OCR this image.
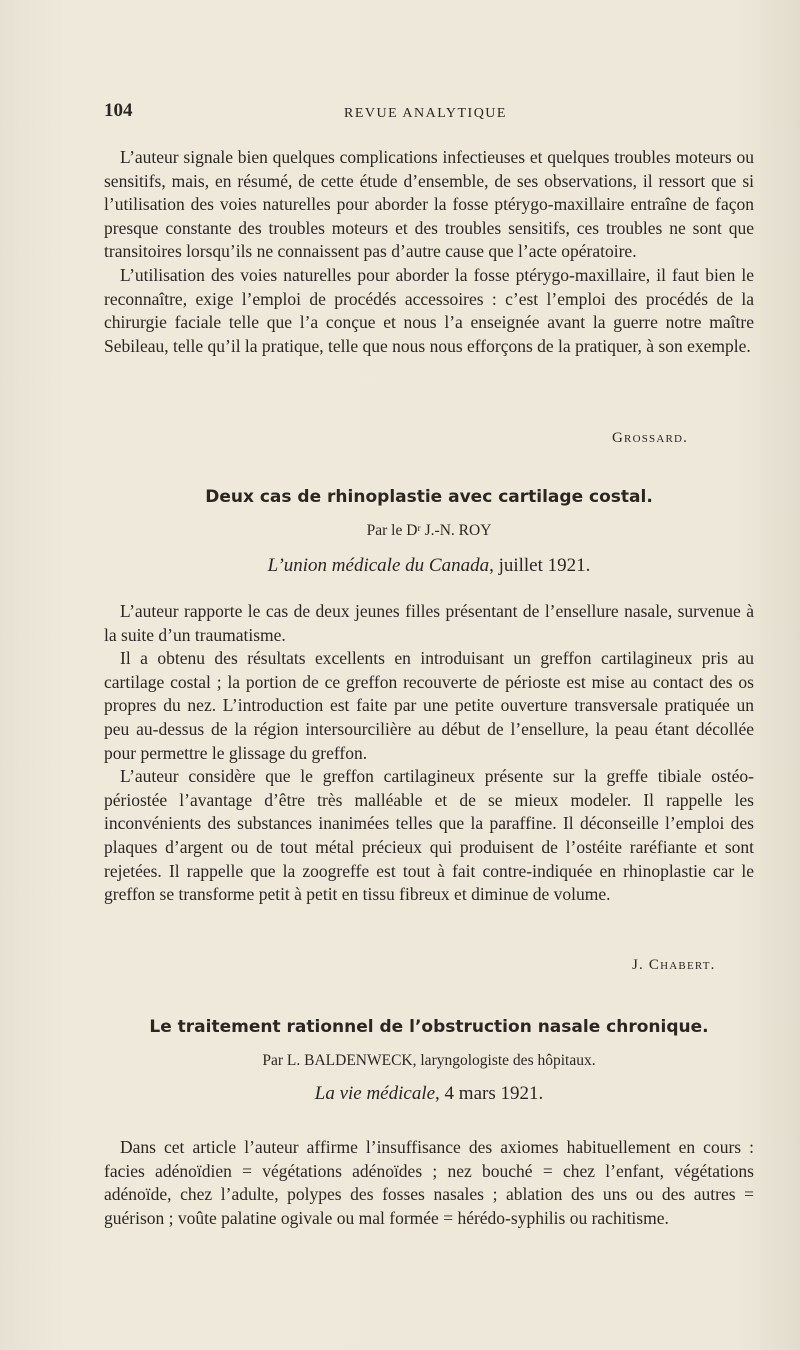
104	REVUE ANALYTIQUE

L’auteur signale bien quelques complications infectieuses et quelques troubles moteurs ou sensitifs, mais, en résumé, de cette étude d’ensemble, de ses observations, il ressort que si l’utilisation des voies naturelles pour aborder la fosse ptérygo-maxillaire entraîne de façon presque constante des troubles moteurs et des troubles sensitifs, ces troubles ne sont que transitoires lorsqu’ils ne connaissent pas d’autre cause que l’acte opératoire.

L’utilisation des voies naturelles pour aborder la fosse ptérygo-maxillaire, il faut bien le reconnaître, exige l’emploi de procédés accessoires : c’est l’emploi des procédés de la chirurgie faciale telle que l’a conçue et nous l’a enseignée avant la guerre notre maître Sebileau, telle qu’il la pratique, telle que nous nous efforçons de la pratiquer, à son exemple.

Grossard.
Deux cas de rhinoplastie avec cartilage costal.
Par le Dʳ J.-N. ROY
L’union médicale du Canada, juillet 1921.

L’auteur rapporte le cas de deux jeunes filles présentant de l’ensellure nasale, survenue à la suite d’un traumatisme.

Il a obtenu des résultats excellents en introduisant un greffon cartilagineux pris au cartilage costal ; la portion de ce greffon recouverte de périoste est mise au contact des os propres du nez. L’introduction est faite par une petite ouverture transversale pratiquée un peu au-dessus de la région intersourcilière au début de l’ensellure, la peau étant décollée pour permettre le glissage du greffon.

L’auteur considère que le greffon cartilagineux présente sur la greffe tibiale ostéo-périostée l’avantage d’être très malléable et de se mieux modeler. Il rappelle les inconvénients des substances inanimées telles que la paraffine. Il déconseille l’emploi des plaques d’argent ou de tout métal précieux qui produisent de l’ostéite raréfiante et sont rejetées. Il rappelle que la zoogreffe est tout à fait contre-indiquée en rhinoplastie car le greffon se transforme petit à petit en tissu fibreux et diminue de volume.

J. Chabert.
Le traitement rationnel de l’obstruction nasale chronique.
Par L. BALDENWECK, laryngologiste des hôpitaux.
La vie médicale, 4 mars 1921.

Dans cet article l’auteur affirme l’insuffisance des axiomes habituellement en cours : facies adénoïdien = végétations adénoïdes ; nez bouché = chez l’enfant, végétations adénoïde, chez l’adulte, polypes des fosses nasales ; ablation des uns ou des autres = guérison ; voûte palatine ogivale ou mal formée = hérédo-syphilis ou rachitisme.
